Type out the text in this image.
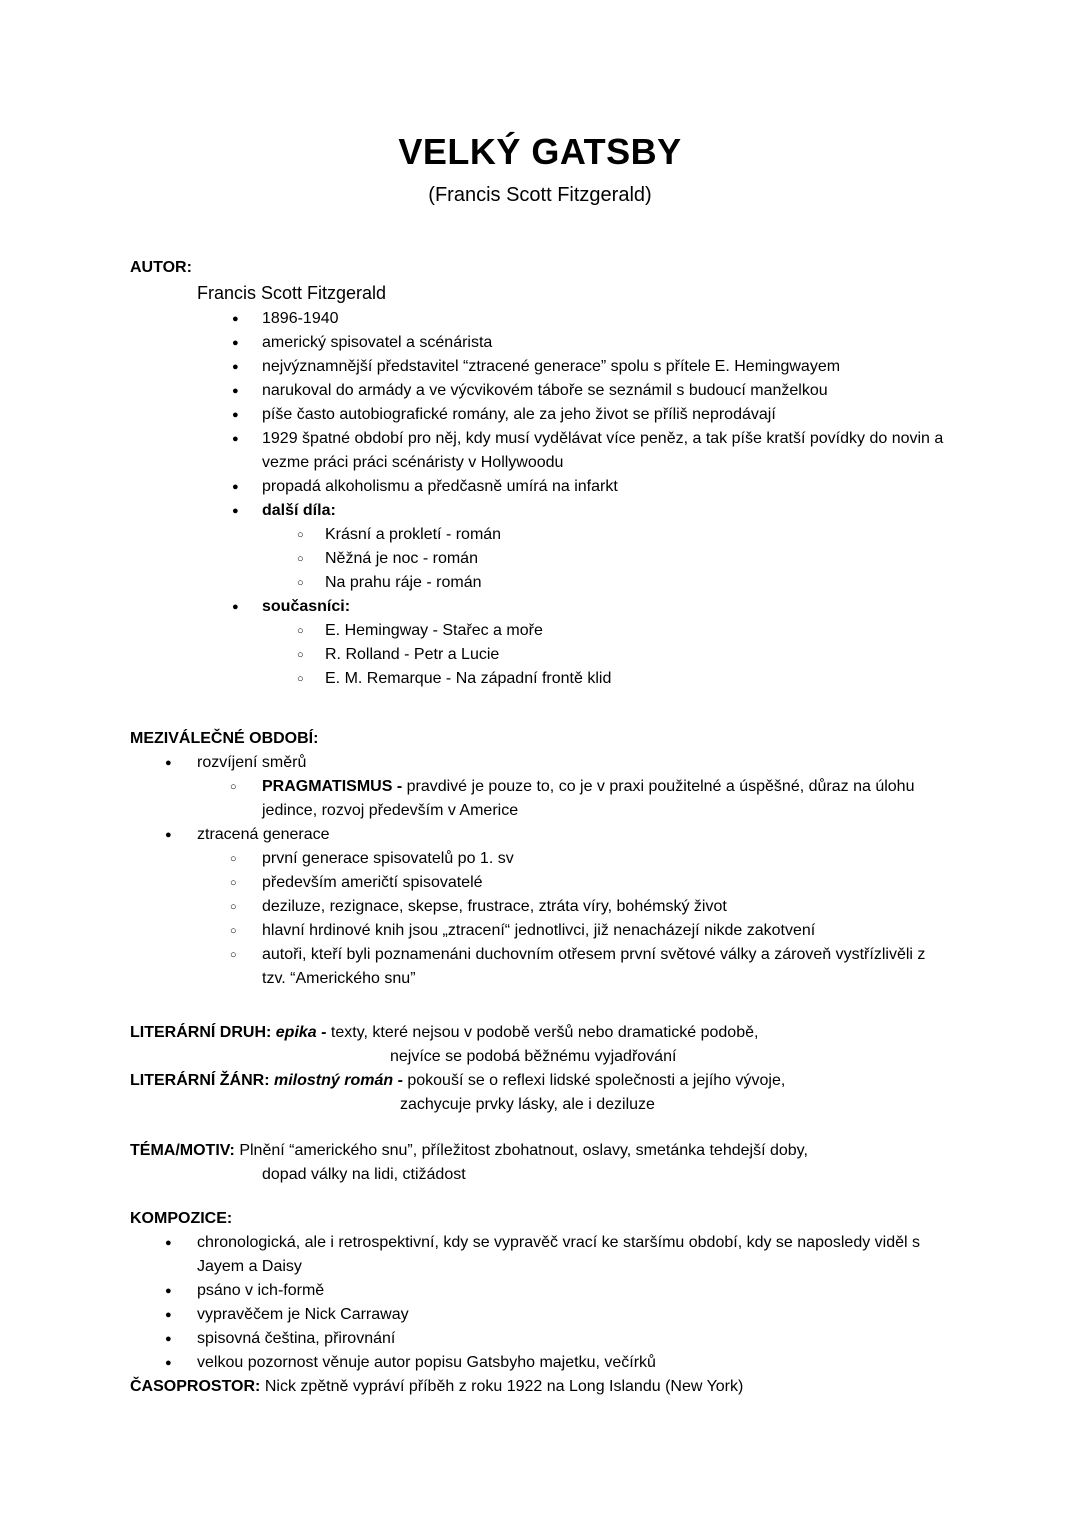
VELKÝ GATSBY
(Francis Scott Fitzgerald)
AUTOR:
Francis Scott Fitzgerald
●	1896-1940
●	americký spisovatel a scénárista
●	nejvýznamnější představitel “ztracené generace” spolu s přítele E. Hemingwayem
●	narukoval do armády a ve výcvikovém táboře se seznámil s budoucí manželkou
●	píše často autobiografické romány, ale za jeho život se příliš neprodávají
●	1929 špatné období pro něj, kdy musí vydělávat více peněz, a tak píše kratší povídky do novin a vezme práci práci scénáristy v Hollywoodu
●	propadá alkoholismu a předčasně umírá na infarkt
●	další díla:
○	Krásní a prokletí - román
○	Něžná je noc - román
○	Na prahu ráje - román
●	současníci:
○	E. Hemingway - Stařec a moře
○	R. Rolland - Petr a Lucie
○	E. M. Remarque - Na západní frontě klid
MEZIVÁLEČNÉ OBDOBÍ:
●	rozvíjení směrů
○	PRAGMATISMUS - pravdivé je pouze to, co je v praxi použitelné a úspěšné, důraz na úlohu jedince, rozvoj především v Americe
●	ztracená generace
○	první generace spisovatelů po 1. sv
○	především američtí spisovatelé
○	deziluze, rezignace, skepse, frustrace, ztráta víry, bohémský život
○	hlavní hrdinové knih jsou „ztracení“ jednotlivci, již nenacházejí nikde zakotvení
○	autoři, kteří byli poznamenáni duchovním otřesem první světové války a zároveň vystřízlivěli z tzv. “Amerického snu”
LITERÁRNÍ DRUH: epika - texty, které nejsou v podobě veršů nebo dramatické podobě,
nejvíce se podobá běžnému vyjadřování
LITERÁRNÍ ŽÁNR: milostný román - pokouší se o reflexi lidské společnosti a jejího vývoje,
zachycuje prvky lásky, ale i deziluze
TÉMA/MOTIV: Plnění “amerického snu”, příležitost zbohatnout, oslavy, smetánka tehdejší doby,
dopad války na lidi, ctižádost
KOMPOZICE:
●	chronologická, ale i retrospektivní, kdy se vypravěč vrací ke staršímu období, kdy se naposledy viděl s Jayem a Daisy
●	psáno v ich-formě
●	vypravěčem je Nick Carraway
●	spisovná čeština, přirovnání
●	velkou pozornost věnuje autor popisu Gatsbyho majetku, večírků
ČASOPROSTOR: Nick zpětně vypráví příběh z roku 1922 na Long Islandu (New York)
